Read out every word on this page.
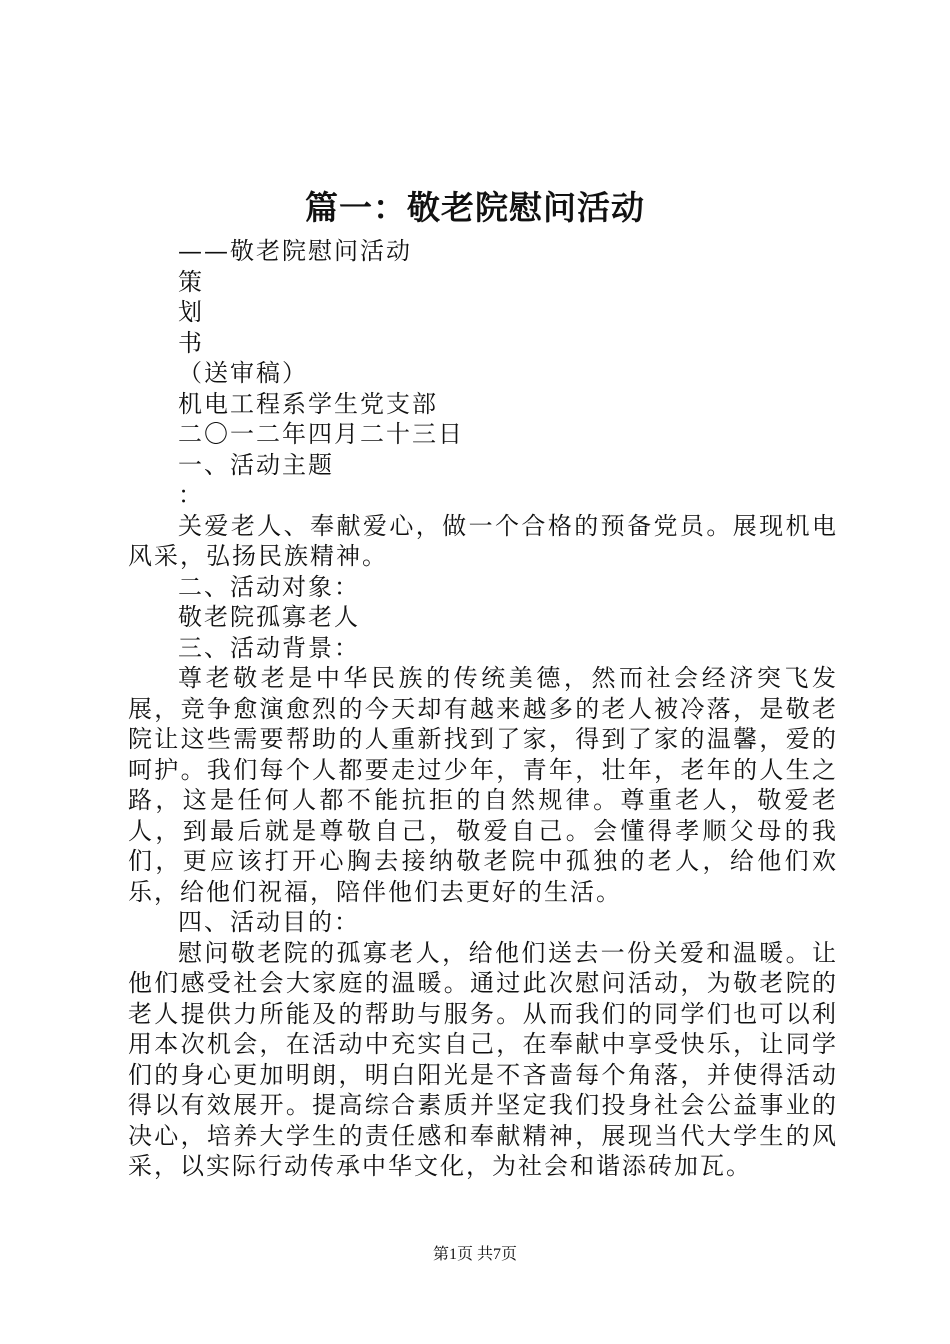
篇一：敬老院慰问活动
——敬老院慰问活动
策
划
书
（送审稿）
机电工程系学生党支部
二〇一二年四月二十三日
一、活动主题
：

关爱老人、奉献爱心，做一个合格的预备党员。展现机电风采，弘扬民族精神。

二、活动对象：
敬老院孤寡老人
三、活动背景：

尊老敬老是中华民族的传统美德，然而社会经济突飞发展，竞争愈演愈烈的今天却有越来越多的老人被冷落，是敬老院让这些需要帮助的人重新找到了家，得到了家的温馨，爱的呵护。我们每个人都要走过少年，青年，壮年，老年的人生之路，这是任何人都不能抗拒的自然规律。尊重老人，敬爱老人，到最后就是尊敬自己，敬爱自己。会懂得孝顺父母的我们，更应该打开心胸去接纳敬老院中孤独的老人，给他们欢乐，给他们祝福，陪伴他们去更好的生活。

四、活动目的：

慰问敬老院的孤寡老人，给他们送去一份关爱和温暖。让他们感受社会大家庭的温暖。通过此次慰问活动，为敬老院的老人提供力所能及的帮助与服务。从而我们的同学们也可以利用本次机会，在活动中充实自己，在奉献中享受快乐，让同学们的身心更加明朗，明白阳光是不吝啬每个角落，并使得活动得以有效展开。提高综合素质并坚定我们投身社会公益事业的决心，培养大学生的责任感和奉献精神，展现当代大学生的风采，以实际行动传承中华文化，为社会和谐添砖加瓦。

第1页 共7页
